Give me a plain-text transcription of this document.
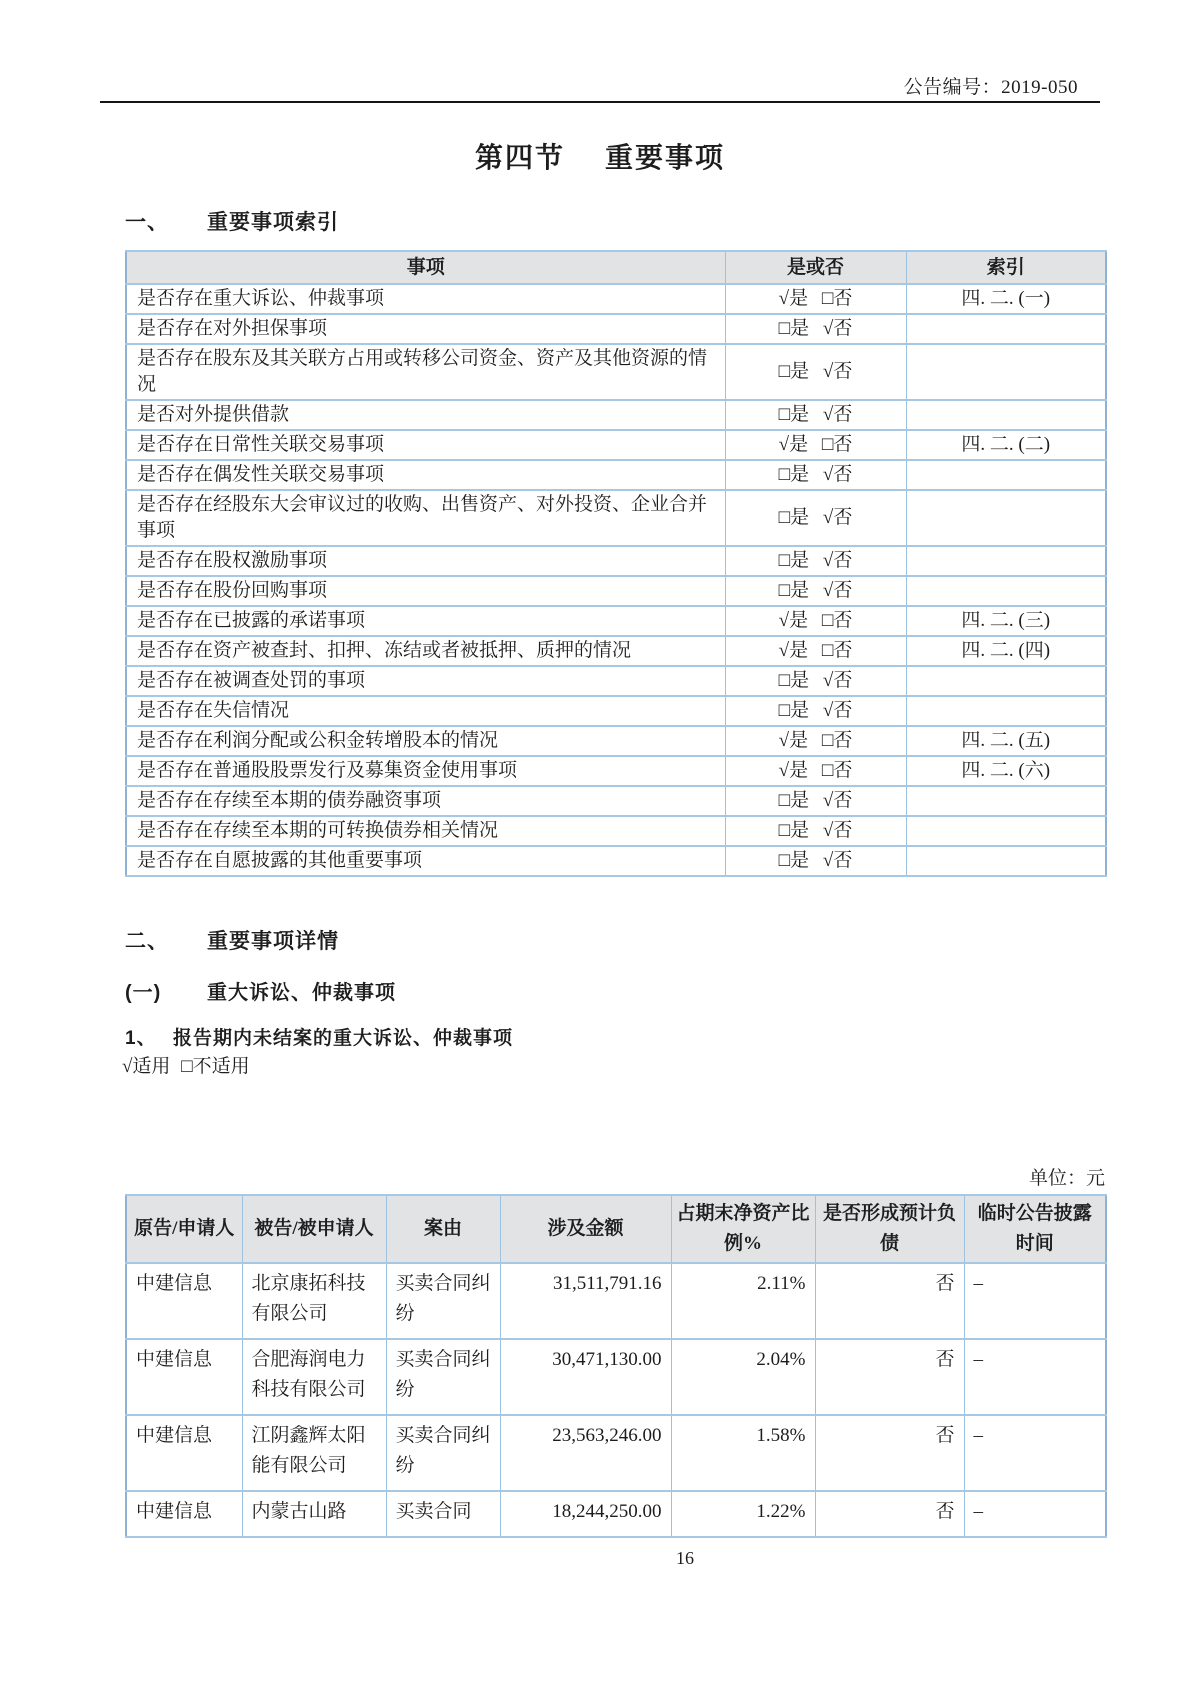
公告编号：2019-050
第四节 重要事项
一、 重要事项索引
事项	是或否	索引
是否存在重大诉讼、仲裁事项	√是 □否	四. 二. (一)
是否存在对外担保事项	□是 √否	
是否存在股东及其关联方占用或转移公司资金、资产及其他资源的情况	□是 √否	
是否对外提供借款	□是 √否	
是否存在日常性关联交易事项	√是 □否	四. 二. (二)
是否存在偶发性关联交易事项	□是 √否	
是否存在经股东大会审议过的收购、出售资产、对外投资、企业合并事项	□是 √否	
是否存在股权激励事项	□是 √否	
是否存在股份回购事项	□是 √否	
是否存在已披露的承诺事项	√是 □否	四. 二. (三)
是否存在资产被查封、扣押、冻结或者被抵押、质押的情况	√是 □否	四. 二. (四)
是否存在被调查处罚的事项	□是 √否	
是否存在失信情况	□是 √否	
是否存在利润分配或公积金转增股本的情况	√是 □否	四. 二. (五)
是否存在普通股股票发行及募集资金使用事项	√是 □否	四. 二. (六)
是否存在存续至本期的债券融资事项	□是 √否	
是否存在存续至本期的可转换债券相关情况	□是 √否	
是否存在自愿披露的其他重要事项	□是 √否	
二、 重要事项详情
(一) 重大诉讼、仲裁事项
1、 报告期内未结案的重大诉讼、仲裁事项
√适用 □不适用
单位：元
原告/申请人	被告/被申请人	案由	涉及金额	占期末净资产比例%	是否形成预计负债	临时公告披露时间
中建信息	北京康拓科技有限公司	买卖合同纠纷	31,511,791.16	2.11%	否	–
中建信息	合肥海润电力科技有限公司	买卖合同纠纷	30,471,130.00	2.04%	否	–
中建信息	江阴鑫辉太阳能有限公司	买卖合同纠纷	23,563,246.00	1.58%	否	–
中建信息	内蒙古山路	买卖合同	18,244,250.00	1.22%	否	–
16
